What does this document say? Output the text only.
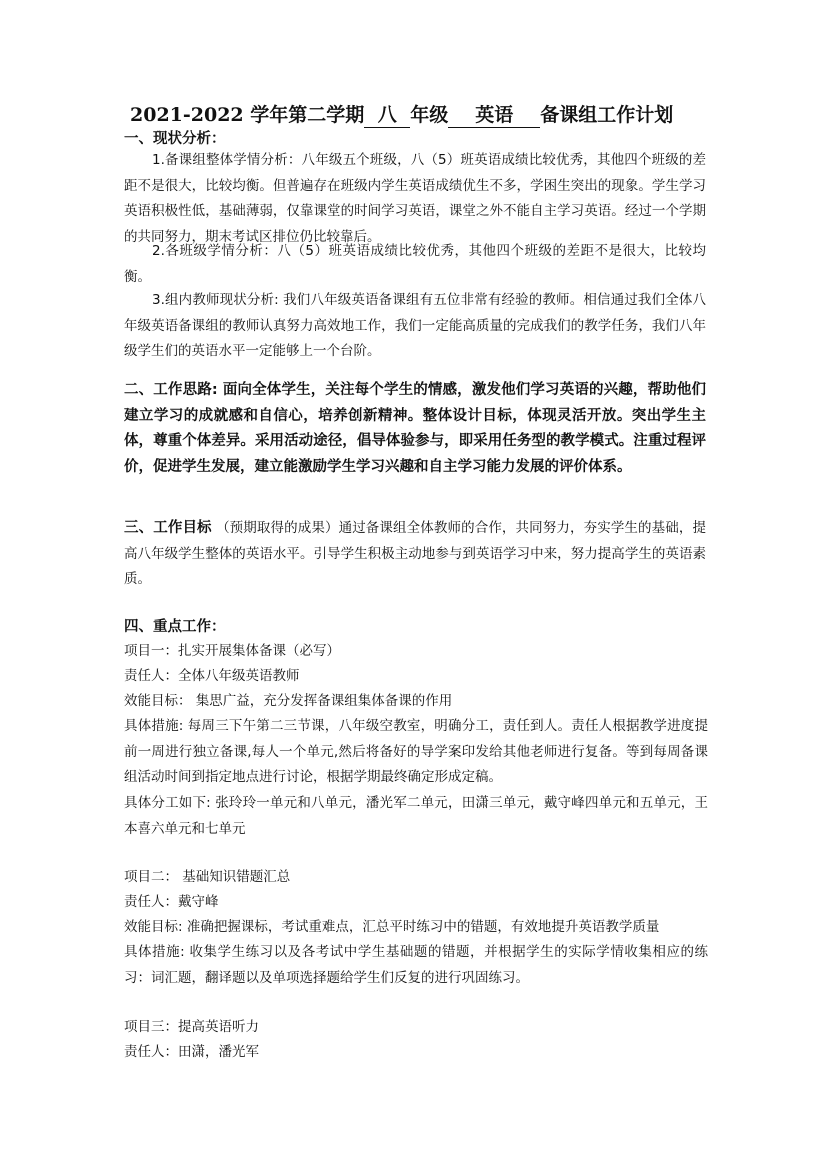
2021-2022 学年第二学期 八 年级 英语 备课组工作计划
一、现状分析：
1.备课组整体学情分析：八年级五个班级，八（5）班英语成绩比较优秀，其他四个班级的差距不是很大，比较均衡。但普遍存在班级内学生英语成绩优生不多，学困生突出的现象。学生学习英语积极性低，基础薄弱，仅靠课堂的时间学习英语，课堂之外不能自主学习英语。经过一个学期的共同努力，期末考试区排位仍比较靠后。
2.各班级学情分析：八（5）班英语成绩比较优秀，其他四个班级的差距不是很大，比较均衡。
3.组内教师现状分析: 我们八年级英语备课组有五位非常有经验的教师。相信通过我们全体八年级英语备课组的教师认真努力高效地工作，我们一定能高质量的完成我们的教学任务，我们八年级学生们的英语水平一定能够上一个台阶。
二、工作思路: 面向全体学生，关注每个学生的情感，激发他们学习英语的兴趣，帮助他们建立学习的成就感和自信心，培养创新精神。整体设计目标，体现灵活开放。突出学生主体，尊重个体差异。采用活动途径，倡导体验参与，即采用任务型的教学模式。注重过程评价，促进学生发展，建立能激励学生学习兴趣和自主学习能力发展的评价体系。
三、工作目标 （预期取得的成果）通过备课组全体教师的合作，共同努力，夯实学生的基础，提高八年级学生整体的英语水平。引导学生积极主动地参与到英语学习中来，努力提高学生的英语素质。
四、重点工作：
项目一：扎实开展集体备课（必写）
责任人：全体八年级英语教师
效能目标： 集思广益，充分发挥备课组集体备课的作用
具体措施: 每周三下午第二三节课，八年级空教室，明确分工，责任到人。责任人根据教学进度提前一周进行独立备课,每人一个单元,然后将备好的导学案印发给其他老师进行复备。等到每周备课组活动时间到指定地点进行讨论，根据学期最终确定形成定稿。
具体分工如下: 张玲玲一单元和八单元，潘光军二单元，田潇三单元，戴守峰四单元和五单元，王本喜六单元和七单元
项目二： 基础知识错题汇总
责任人：戴守峰
效能目标: 准确把握课标，考试重难点，汇总平时练习中的错题，有效地提升英语教学质量
具体措施: 收集学生练习以及各考试中学生基础题的错题，并根据学生的实际学情收集相应的练习：词汇题，翻译题以及单项选择题给学生们反复的进行巩固练习。
项目三：提高英语听力
责任人：田潇，潘光军
